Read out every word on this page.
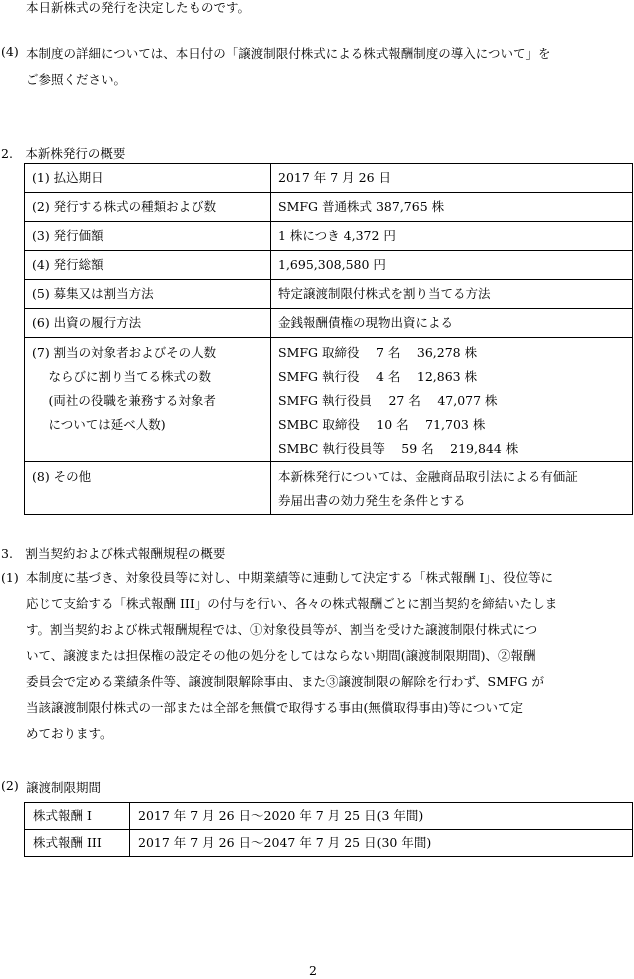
本日新株式の発行を決定したものです。
(4) 本制度の詳細については、本日付の「譲渡制限付株式による株式報酬制度の導入について」を
ご参照ください。
2.　本新株発行の概要
(1) 払込期日	2017 年 7 月 26 日

(2) 発行する株式の種類および数	SMFG 普通株式 387,765 株

(3) 発行価額	1 株につき 4,372 円

(4) 発行総額	1,695,308,580 円

(5) 募集又は割当方法	特定譲渡制限付株式を割り当てる方法

(6) 出資の履行方法	金銭報酬債権の現物出資による

(7) 割当の対象者およびその人数
　 ならびに割り当てる株式の数
　 (両社の役職を兼務する対象者
　 については延べ人数)	SMFG 取締役　 7 名　 36,278 株
SMFG 執行役　 4 名　 12,863 株
SMFG 執行役員　 27 名　 47,077 株
SMBC 取締役　 10 名　 71,703 株
SMBC 執行役員等　 59 名　 219,844 株

(8) その他	本新株発行については、金融商品取引法による有価証
券届出書の効力発生を条件とする
3.　割当契約および株式報酬規程の概要
(1) 本制度に基づき、対象役員等に対し、中期業績等に連動して決定する「株式報酬 I」、役位等に
応じて支給する「株式報酬 III」の付与を行い、各々の株式報酬ごとに割当契約を締結いたしま
す。割当契約および株式報酬規程では、①対象役員等が、割当を受けた譲渡制限付株式につ
いて、譲渡または担保権の設定その他の処分をしてはならない期間(譲渡制限期間)、②報酬
委員会で定める業績条件等、譲渡制限解除事由、また③譲渡制限の解除を行わず、SMFG が
当該譲渡制限付株式の一部または全部を無償で取得する事由(無償取得事由)等について定
めております。
(2) 譲渡制限期間
株式報酬 I	2017 年 7 月 26 日～2020 年 7 月 25 日(3 年間)
株式報酬 III	2017 年 7 月 26 日～2047 年 7 月 25 日(30 年間)
2
